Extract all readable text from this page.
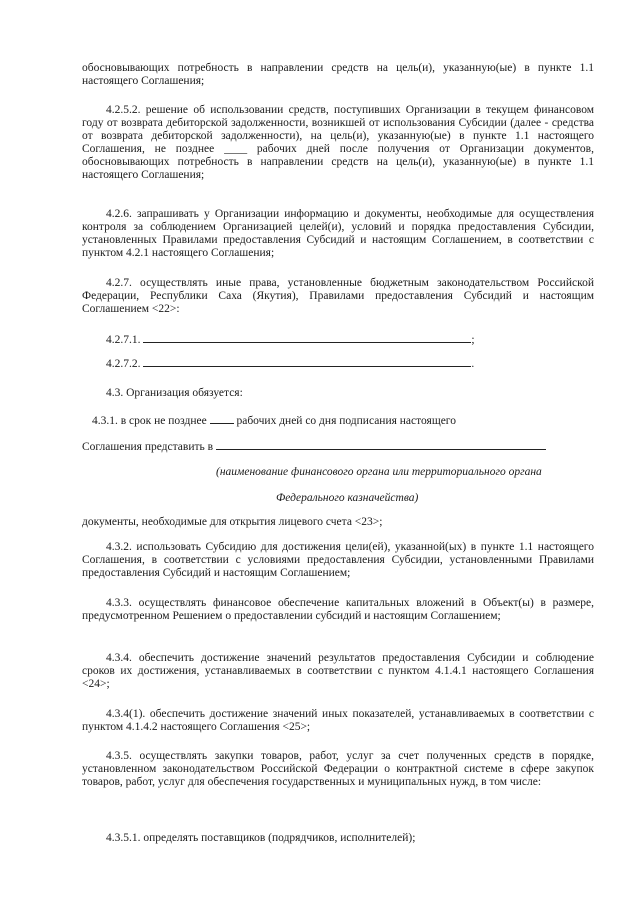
обосновывающих потребность в направлении средств на цель(и), указанную(ые) в пункте 1.1 настоящего Соглашения;
4.2.5.2. решение об использовании средств, поступивших Организации в текущем финансовом году от возврата дебиторской задолженности, возникшей от использования Субсидии (далее - средства от возврата дебиторской задолженности), на цель(и), указанную(ые) в пункте 1.1 настоящего Соглашения, не позднее ____ рабочих дней после получения от Организации документов, обосновывающих потребность в направлении средств на цель(и), указанную(ые) в пункте 1.1 настоящего Соглашения;
4.2.6. запрашивать у Организации информацию и документы, необходимые для осуществления контроля за соблюдением Организацией целей(и), условий и порядка предоставления Субсидии, установленных Правилами предоставления Субсидий и настоящим Соглашением, в соответствии с пунктом 4.2.1 настоящего Соглашения;
4.2.7. осуществлять иные права, установленные бюджетным законодательством Российской Федерации, Республики Саха (Якутия), Правилами предоставления Субсидий и настоящим Соглашением <22>:
4.2.7.1.	;
4.2.7.2.	.
4.3. Организация обязуется:
4.3.1. в срок не позднее	рабочих дней со дня подписания настоящего
Соглашения представить в
(наименование финансового органа или территориального органа
Федерального казначейства)
документы, необходимые для открытия лицевого счета <23>;
4.3.2. использовать Субсидию для достижения цели(ей), указанной(ых) в пункте 1.1 настоящего Соглашения, в соответствии с условиями предоставления Субсидии, установленными Правилами предоставления Субсидий и настоящим Соглашением;
4.3.3. осуществлять финансовое обеспечение капитальных вложений в Объект(ы) в размере, предусмотренном Решением о предоставлении субсидий и настоящим Соглашением;
4.3.4. обеспечить достижение значений результатов предоставления Субсидии и соблюдение сроков их достижения, устанавливаемых в соответствии с пунктом 4.1.4.1 настоящего Соглашения <24>;
4.3.4(1). обеспечить достижение значений иных показателей, устанавливаемых в соответствии с пунктом 4.1.4.2 настоящего Соглашения <25>;
4.3.5. осуществлять закупки товаров, работ, услуг за счет полученных средств в порядке, установленном законодательством Российской Федерации о контрактной системе в сфере закупок товаров, работ, услуг для обеспечения государственных и муниципальных нужд, в том числе:
4.3.5.1. определять поставщиков (подрядчиков, исполнителей);
